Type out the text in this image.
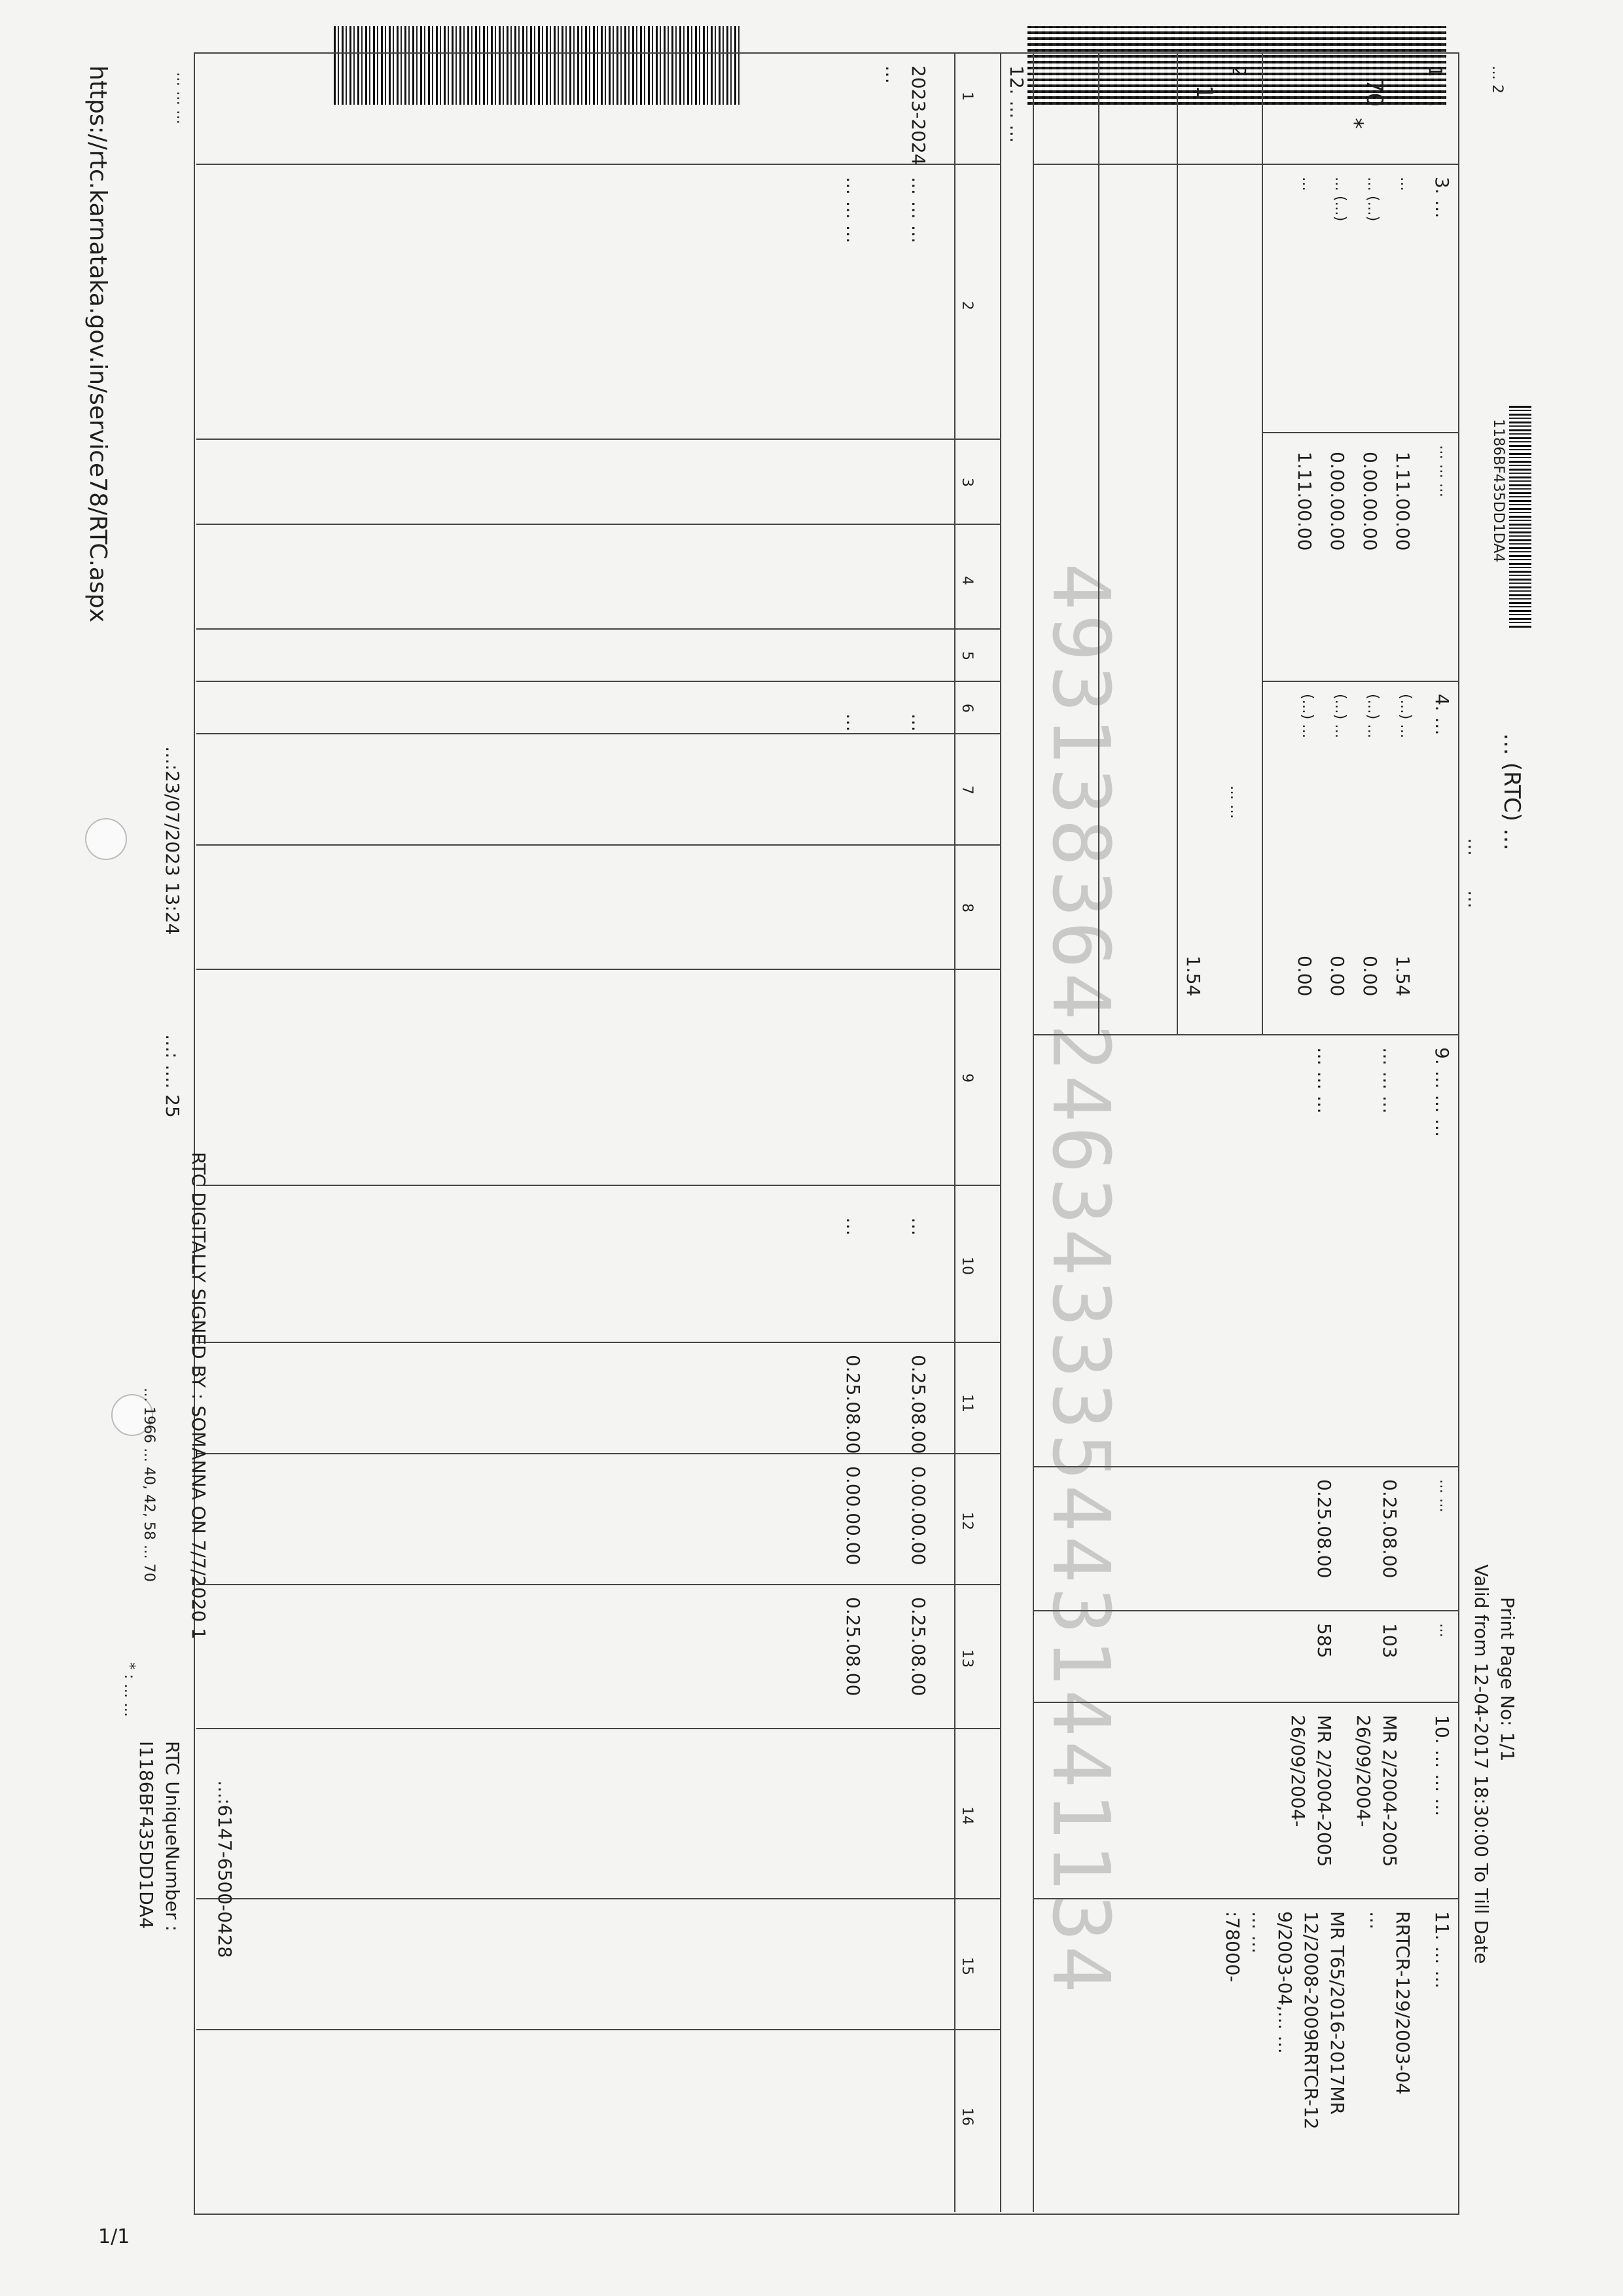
https://rtc.karnataka.gov.in/service78/RTC.aspx	1186BF435DD1DA4
… (RTC) …
Print Page No: 1/1
Valid from 12-04-2017 18:30:00 To Till Date
… 2
…
…
1. …
70
*
2. …
1
3. …
… … …
…
1.11.00.00
… (…)
0.00.00.00
… (…)
0.00.00.00
…
1.11.00.00
4. …
(…) …
1.54
(…) …
0.00
(…) …
0.00
(…) …
0.00
… …
1.54
9. … … …
… …
…
… … …
0.25.08.00
103
… … …
0.25.08.00
585
10. … … …
MR 2/2004-2005
26/09/2004-
MR 2/2004-2005
26/09/2004-
11. … …
RRTCR-129/2003-04
…
MR T65/2016-2017MR
12/2008-2009RRTCR-12
9/2003-04,… …
… …
:78000-
12. … …
1
2
3
4
5
6
7
8
9
10
11
12
13
14
15
16
2023-2024
…
… … …
…
…
0.25.08.00
0.00.00.00
0.25.08.00
… … …
…
…
0.25.08.00
0.00.00.00
0.25.08.00 4931383642463433354431441134
…:23/07/2023 13:24
…: …. 25
RTC DIGITALLY SIGNED BY : SOMANNA ON 7/7/2020 1
RTC UniqueNumber :
I1186BF435DD1DA4	…:6147-6500-0428
… 1966 … 40, 42, 58 … 70
… … …
* : … …
1/1
